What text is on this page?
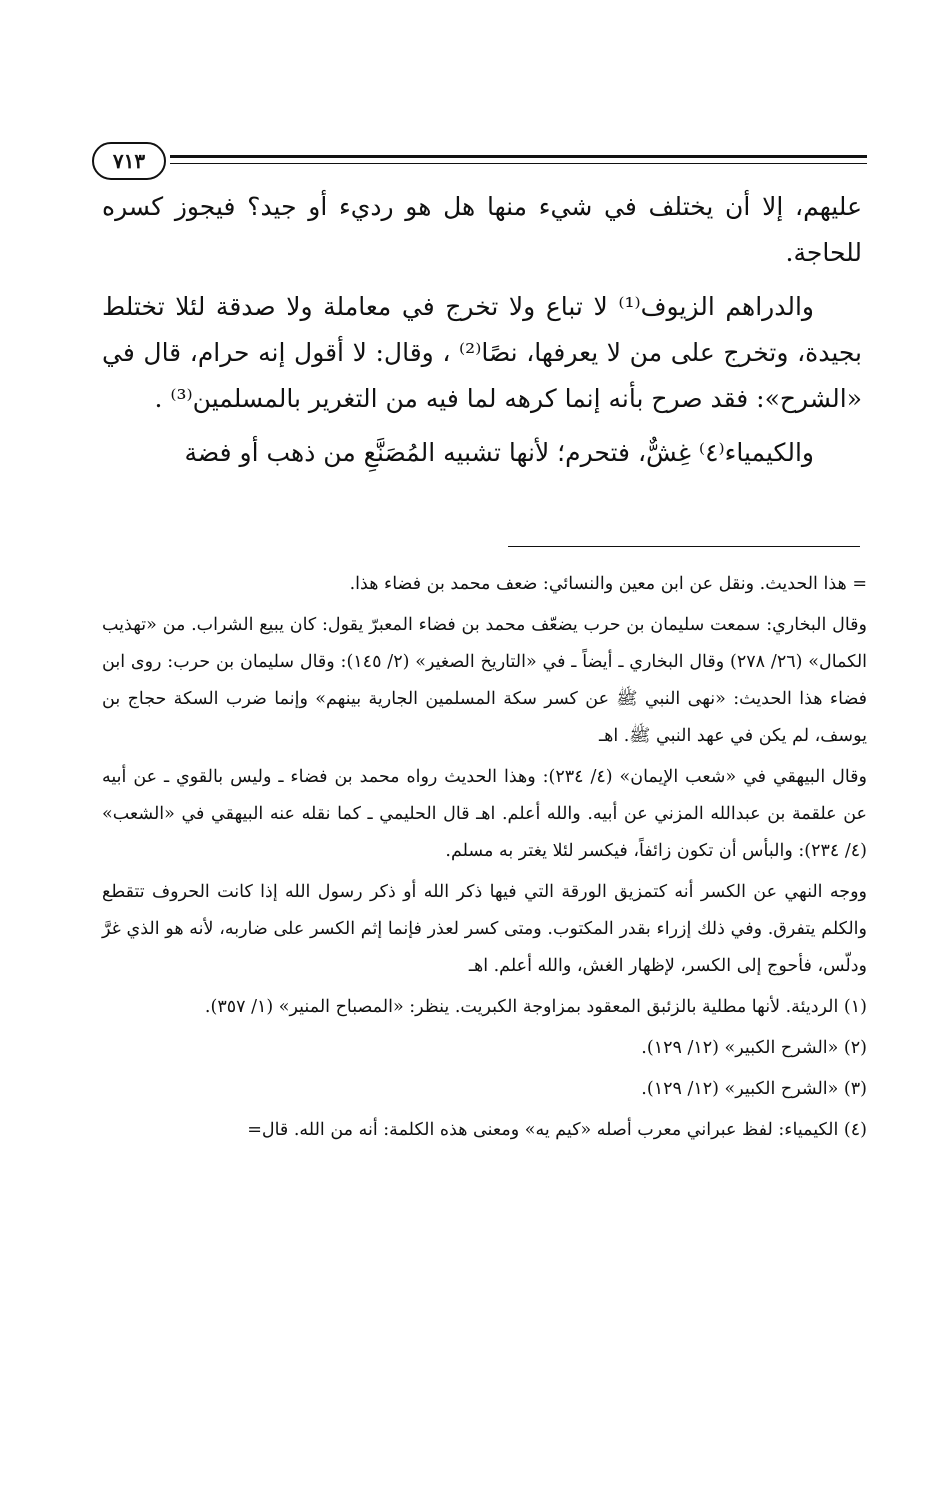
٧١٣

عليهم، إلا أن يختلف في شيء منها هل هو رديء أو جيد؟ فيجوز كسره للحاجة.

والدراهم الزيوف⁽¹⁾ لا تباع ولا تخرج في معاملة ولا صدقة لئلا تختلط بجيدة، وتخرج على من لا يعرفها، نصًا⁽²⁾ ، وقال: لا أقول إنه حرام، قال في «الشرح»: فقد صرح بأنه إنما كرهه لما فيه من التغرير بالمسلمين⁽³⁾ .

والكيمياء⁽٤⁾ غِشٌّ، فتحرم؛ لأنها تشبيه المُصَنَّعِ من ذهب أو فضة

= هذا الحديث. ونقل عن ابن معين والنسائي: ضعف محمد بن فضاء هذا.

وقال البخاري: سمعت سليمان بن حرب يضعّف محمد بن فضاء المعبرّ يقول: كان يبيع الشراب. من «تهذيب الكمال» (٢٦/ ٢٧٨) وقال البخاري ـ أيضاً ـ في «التاريخ الصغير» (٢/ ١٤٥): وقال سليمان بن حرب: روى ابن فضاء هذا الحديث: «نهى النبي ﷺ عن كسر سكة المسلمين الجارية بينهم» وإنما ضرب السكة حجاج بن يوسف، لم يكن في عهد النبي ﷺ. اهـ

وقال البيهقي في «شعب الإيمان» (٤/ ٢٣٤): وهذا الحديث رواه محمد بن فضاء ـ وليس بالقوي ـ عن أبيه عن علقمة بن عبدالله المزني عن أبيه. والله أعلم. اهـ قال الحليمي ـ كما نقله عنه البيهقي في «الشعب» (٤/ ٢٣٤): والبأس أن تكون زائفاً، فيكسر لئلا يغتر به مسلم.

ووجه النهي عن الكسر أنه كتمزيق الورقة التي فيها ذكر الله أو ذكر رسول الله إذا كانت الحروف تتقطع والكلم يتفرق. وفي ذلك إزراء بقدر المكتوب. ومتى كسر لعذر فإنما إثم الكسر على ضاربه، لأنه هو الذي غرَّ ودلّس، فأحوج إلى الكسر، لإظهار الغش، والله أعلم. اهـ

(١) الرديئة. لأنها مطلية بالزئبق المعقود بمزاوجة الكبريت. ينظر: «المصباح المنير» (١/ ٣٥٧).

(٢) «الشرح الكبير» (١٢/ ١٢٩).

(٣) «الشرح الكبير» (١٢/ ١٢٩).

(٤) الكيمياء: لفظ عبراني معرب أصله «كيم يه» ومعنى هذه الكلمة: أنه من الله. قال=
